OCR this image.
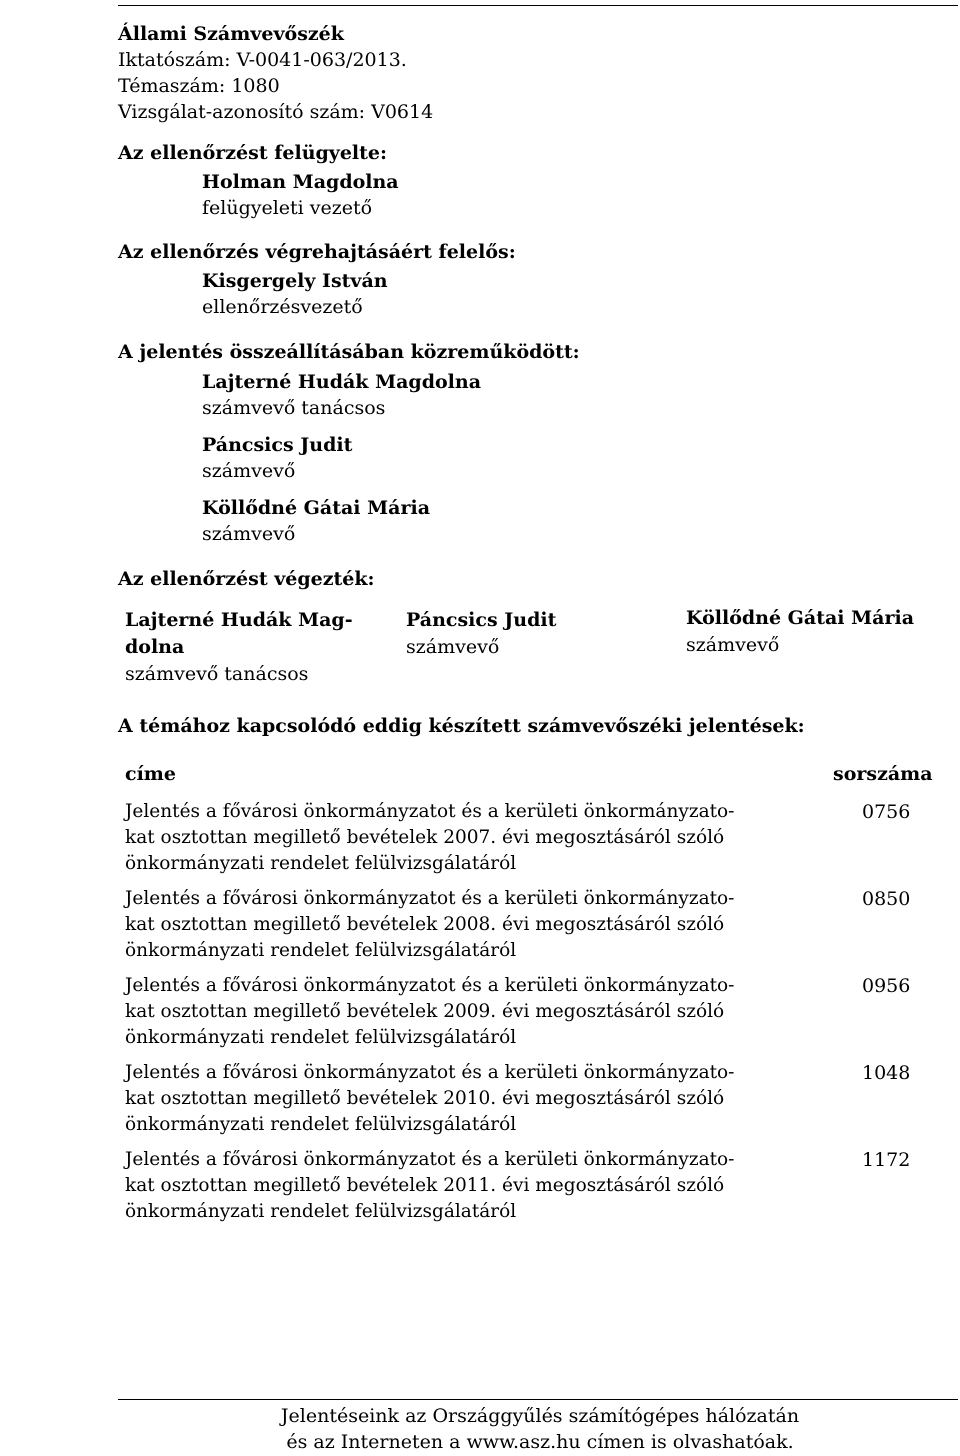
Állami Számvevőszék
Iktatószám: V-0041-063/2013.
Témaszám: 1080
Vizsgálat-azonosító szám: V0614
Az ellenőrzést felügyelte:
Holman Magdolna
felügyeleti vezető
Az ellenőrzés végrehajtásáért felelős:
Kisgergely István
ellenőrzésvezető
A jelentés összeállításában közreműködött:
Lajterné Hudák Magdolna
számvevő tanácsos
Páncsics Judit
számvevő
Köllődné Gátai Mária
számvevő
Az ellenőrzést végezték:
Lajterné Hudák Mag-
dolna
számvevő tanácsos
Páncsics Judit
számvevő
Köllődné Gátai Mária
számvevő
A témához kapcsolódó eddig készített számvevőszéki jelentések:
címe	sorszáma
Jelentés a fővárosi önkormányzatot és a kerületi önkormányzato-
kat osztottan megillető bevételek 2007. évi megosztásáról szóló
önkormányzati rendelet felülvizsgálatáról
0756
Jelentés a fővárosi önkormányzatot és a kerületi önkormányzato-
kat osztottan megillető bevételek 2008. évi megosztásáról szóló
önkormányzati rendelet felülvizsgálatáról
0850
Jelentés a fővárosi önkormányzatot és a kerületi önkormányzato-
kat osztottan megillető bevételek 2009. évi megosztásáról szóló
önkormányzati rendelet felülvizsgálatáról
0956
Jelentés a fővárosi önkormányzatot és a kerületi önkormányzato-
kat osztottan megillető bevételek 2010. évi megosztásáról szóló
önkormányzati rendelet felülvizsgálatáról
1048
Jelentés a fővárosi önkormányzatot és a kerületi önkormányzato-
kat osztottan megillető bevételek 2011. évi megosztásáról szóló
önkormányzati rendelet felülvizsgálatáról
1172
Jelentéseink az Országgyűlés számítógépes hálózatán
és az Interneten a www.asz.hu címen is olvashatóak.
